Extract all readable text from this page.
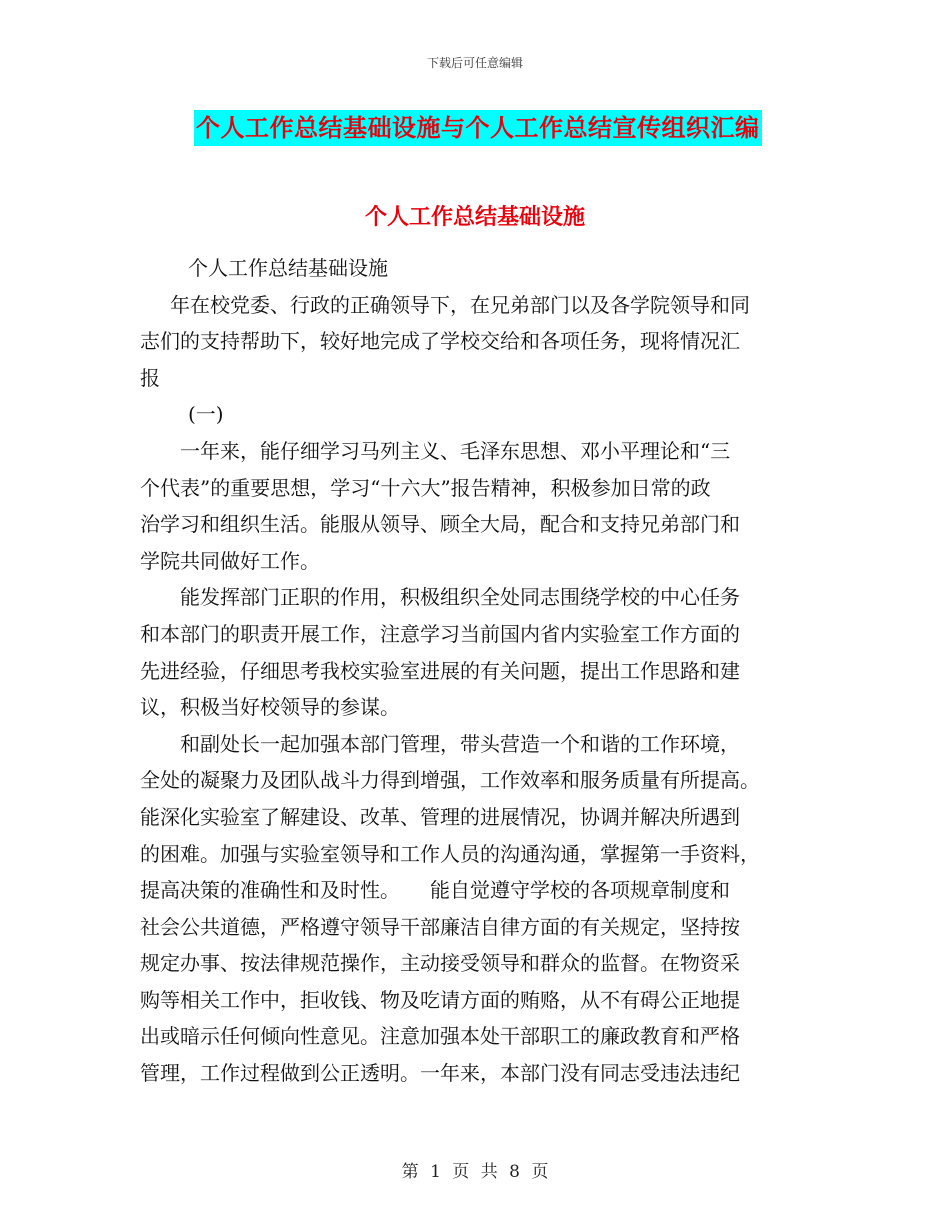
下载后可任意编辑
个人工作总结基础设施与个人工作总结宣传组织汇编
个人工作总结基础设施
个人工作总结基础设施
年在校党委、行政的正确领导下，在兄弟部门以及各学院领导和同
志们的支持帮助下，较好地完成了学校交给和各项任务，现将情况汇
报
(一)
一年来，能仔细学习马列主义、毛泽东思想、邓小平理论和“三
个代表”的重要思想，学习“十六大”报告精神，积极参加日常的政
治学习和组织生活。能服从领导、顾全大局，配合和支持兄弟部门和
学院共同做好工作。
能发挥部门正职的作用，积极组织全处同志围绕学校的中心任务
和本部门的职责开展工作，注意学习当前国内省内实验室工作方面的
先进经验，仔细思考我校实验室进展的有关问题，提出工作思路和建
议，积极当好校领导的参谋。
和副处长一起加强本部门管理，带头营造一个和谐的工作环境，
全处的凝聚力及团队战斗力得到增强，工作效率和服务质量有所提高。
能深化实验室了解建设、改革、管理的进展情况，协调并解决所遇到
的困难。加强与实验室领导和工作人员的沟通沟通，掌握第一手资料，
提高决策的准确性和及时性。　　能自觉遵守学校的各项规章制度和
社会公共道德，严格遵守领导干部廉洁自律方面的有关规定，坚持按
规定办事、按法律规范操作，主动接受领导和群众的监督。在物资采
购等相关工作中，拒收钱、物及吃请方面的贿赂，从不有碍公正地提
出或暗示任何倾向性意见。注意加强本处干部职工的廉政教育和严格
管理，工作过程做到公正透明。一年来，本部门没有同志受违法违纪
第 1 页 共 8 页
